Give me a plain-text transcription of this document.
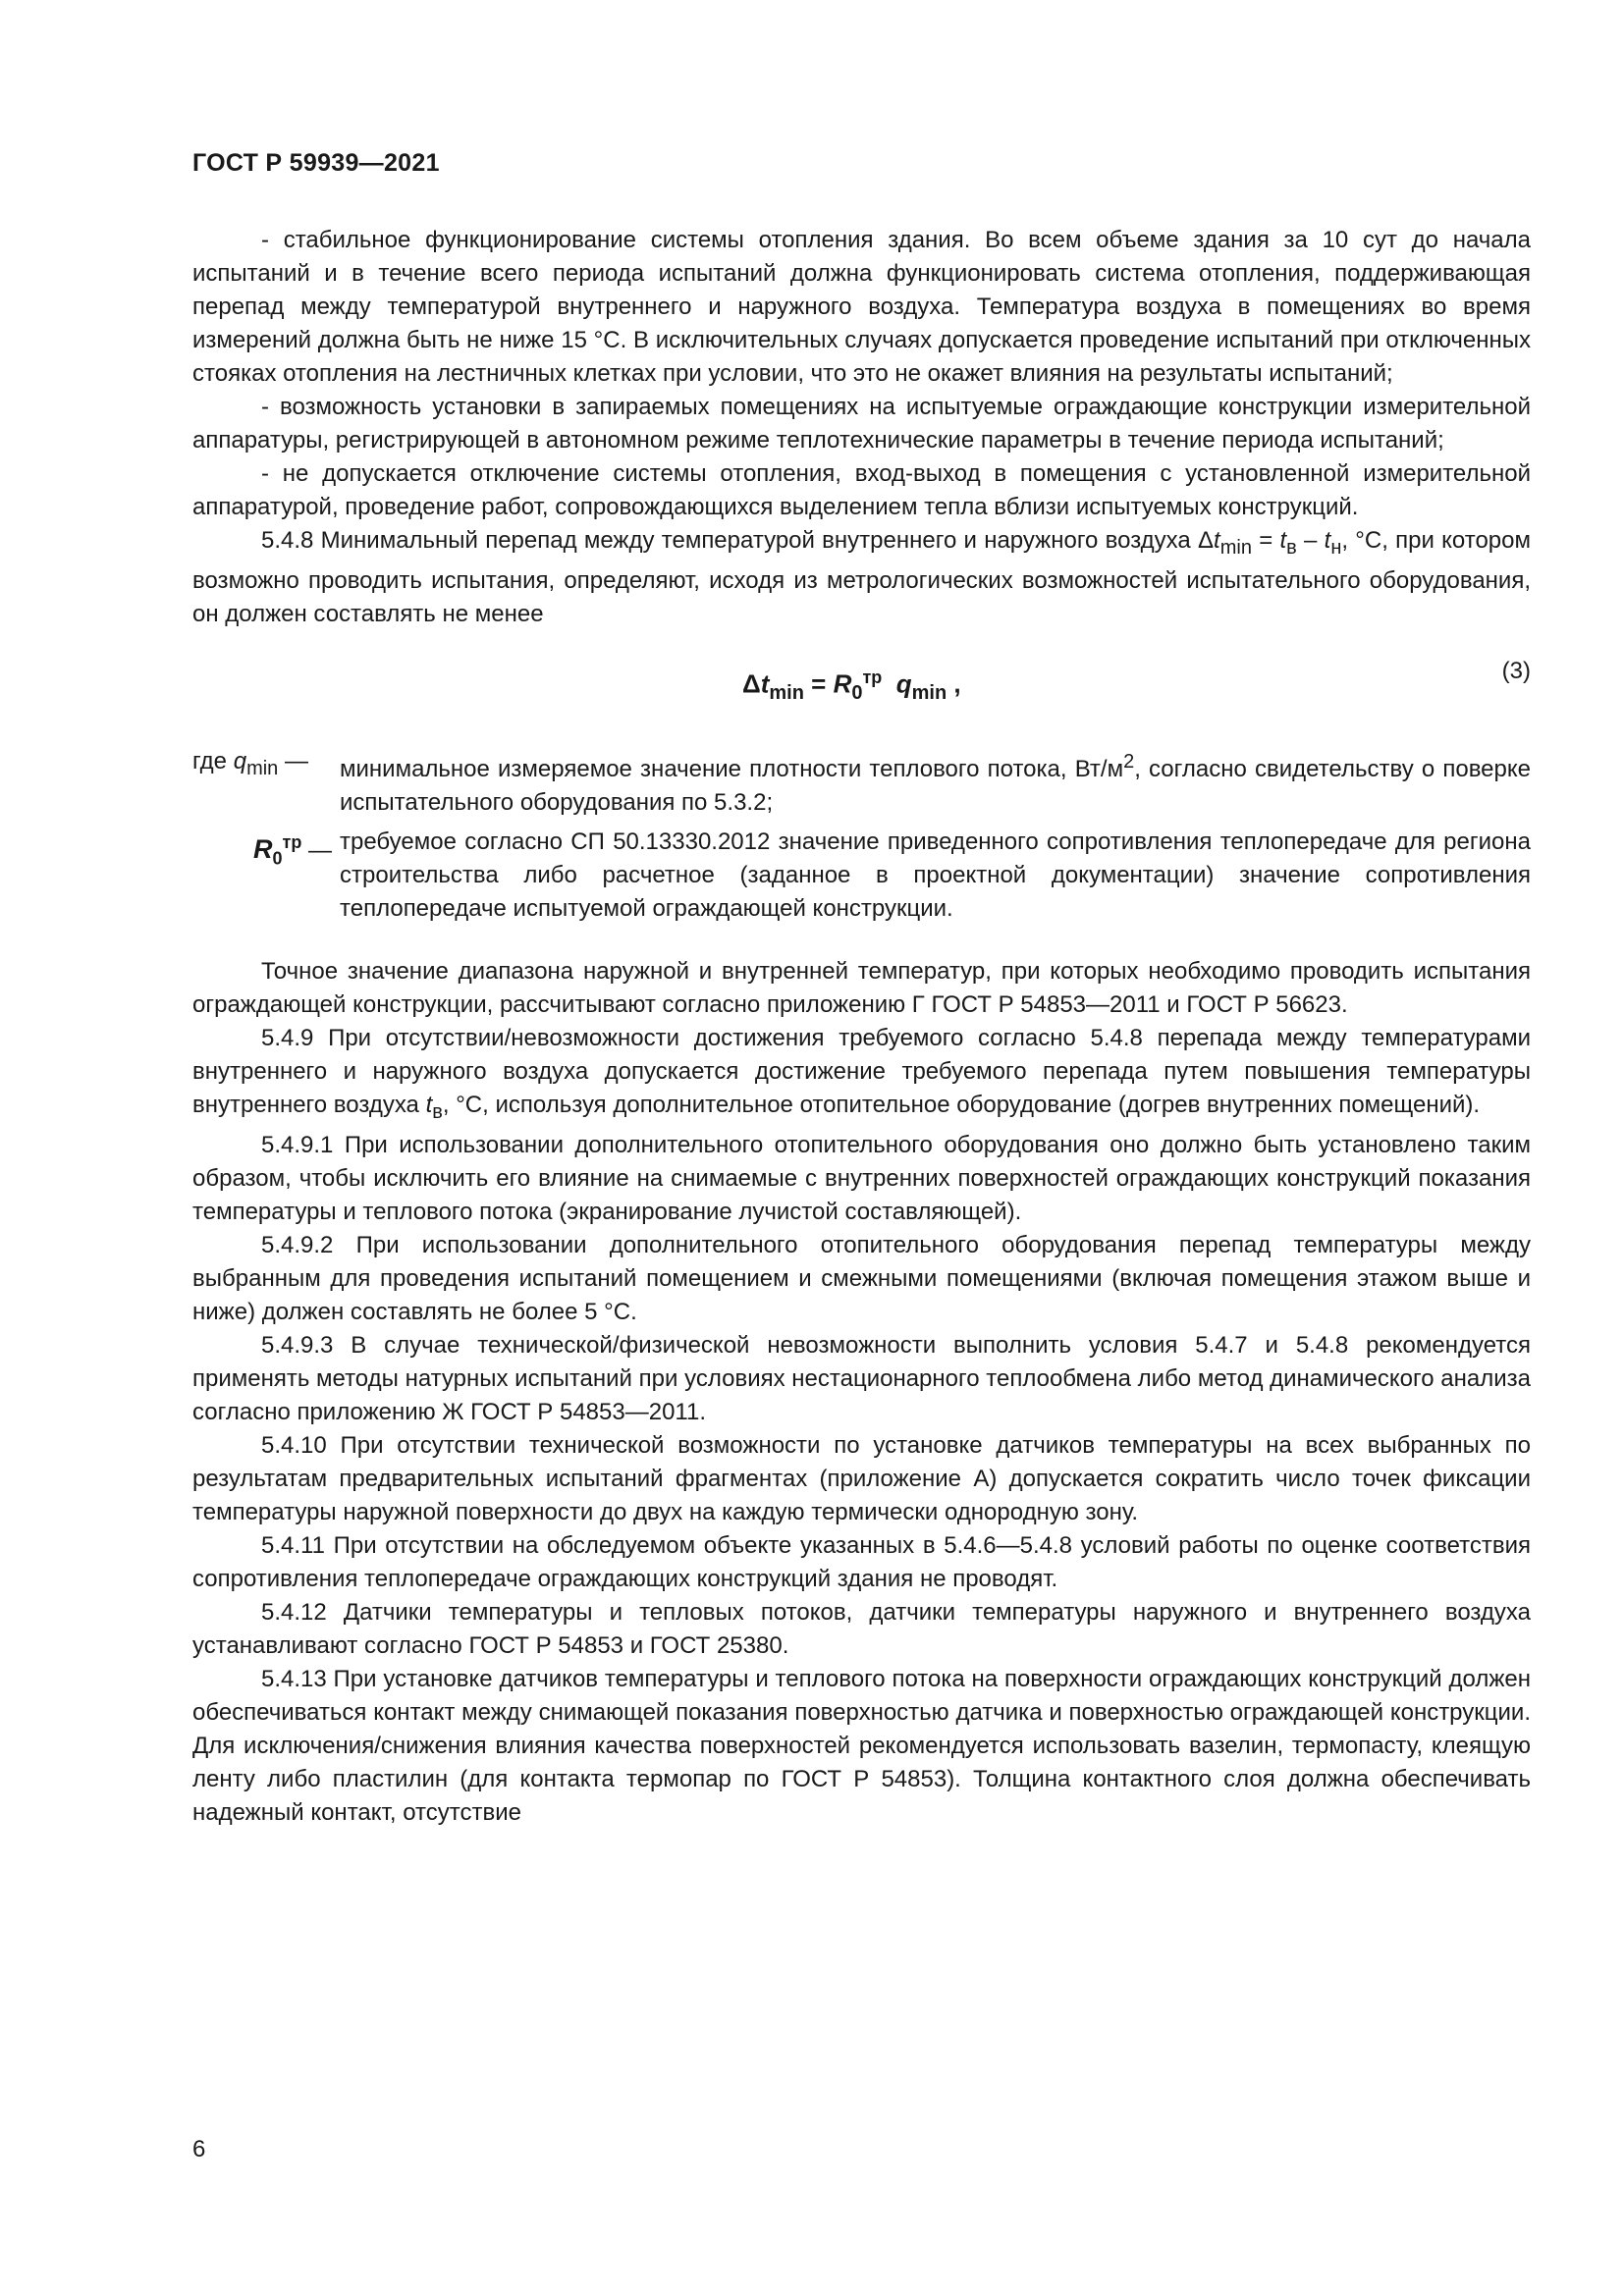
ГОСТ Р 59939—2021

- стабильное функционирование системы отопления здания. Во всем объеме здания за 10 сут до начала испытаний и в течение всего периода испытаний должна функционировать система отопления, поддерживающая перепад между температурой внутреннего и наружного воздуха. Температура воздуха в помещениях во время измерений должна быть не ниже 15 °С. В исключительных случаях допускается проведение испытаний при отключенных стояках отопления на лестничных клетках при условии, что это не окажет влияния на результаты испытаний;

- возможность установки в запираемых помещениях на испытуемые ограждающие конструкции измерительной аппаратуры, регистрирующей в автономном режиме теплотехнические параметры в течение периода испытаний;

- не допускается отключение системы отопления, вход-выход в помещения с установленной измерительной аппаратурой, проведение работ, сопровождающихся выделением тепла вблизи испытуемых конструкций.

5.4.8 Минимальный перепад между температурой внутреннего и наружного воздуха $\Delta t_{min} = t_в - t_н$, °С, при котором возможно проводить испытания, определяют, исходя из метрологических возможностей испытательного оборудования, он должен составлять не менее

$\Delta t_{min} = R_0^{тр}$ $q_{min}$ ,	(3)
где $q_{min}$ —	минимальное измеряемое значение плотности теплового потока, $Вт/м^2$, согласно свидетельству о поверке испытательного оборудования по 5.3.2;
$R_0^{тр}$ — требуемое согласно СП 50.13330.2012 значение приведенного сопротивления теплопередаче для региона строительства либо расчетное (заданное в проектной документации) значение сопротивления теплопередаче испытуемой ограждающей конструкции.

Точное значение диапазона наружной и внутренней температур, при которых необходимо проводить испытания ограждающей конструкции, рассчитывают согласно приложению Г ГОСТ Р 54853—2011 и ГОСТ Р 56623.

5.4.9 При отсутствии/невозможности достижения требуемого согласно 5.4.8 перепада между температурами внутреннего и наружного воздуха допускается достижение требуемого перепада путем повышения температуры внутреннего воздуха $t_в$, °С, используя дополнительное отопительное оборудование (догрев внутренних помещений).

5.4.9.1 При использовании дополнительного отопительного оборудования оно должно быть установлено таким образом, чтобы исключить его влияние на снимаемые с внутренних поверхностей ограждающих конструкций показания температуры и теплового потока (экранирование лучистой составляющей).

5.4.9.2 При использовании дополнительного отопительного оборудования перепад температуры между выбранным для проведения испытаний помещением и смежными помещениями (включая помещения этажом выше и ниже) должен составлять не более 5 °С.

5.4.9.3 В случае технической/физической невозможности выполнить условия 5.4.7 и 5.4.8 рекомендуется применять методы натурных испытаний при условиях нестационарного теплообмена либо метод динамического анализа согласно приложению Ж ГОСТ Р 54853—2011.

5.4.10 При отсутствии технической возможности по установке датчиков температуры на всех выбранных по результатам предварительных испытаний фрагментах (приложение А) допускается сократить число точек фиксации температуры наружной поверхности до двух на каждую термически однородную зону.

5.4.11 При отсутствии на обследуемом объекте указанных в 5.4.6—5.4.8 условий работы по оценке соответствия сопротивления теплопередаче ограждающих конструкций здания не проводят.

5.4.12 Датчики температуры и тепловых потоков, датчики температуры наружного и внутреннего воздуха устанавливают согласно ГОСТ Р 54853 и ГОСТ 25380.

5.4.13 При установке датчиков температуры и теплового потока на поверхности ограждающих конструкций должен обеспечиваться контакт между снимающей показания поверхностью датчика и поверхностью ограждающей конструкции. Для исключения/снижения влияния качества поверхностей рекомендуется использовать вазелин, термопасту, клеящую ленту либо пластилин (для контакта термопар по ГОСТ Р 54853). Толщина контактного слоя должна обеспечивать надежный контакт, отсутствие

6
